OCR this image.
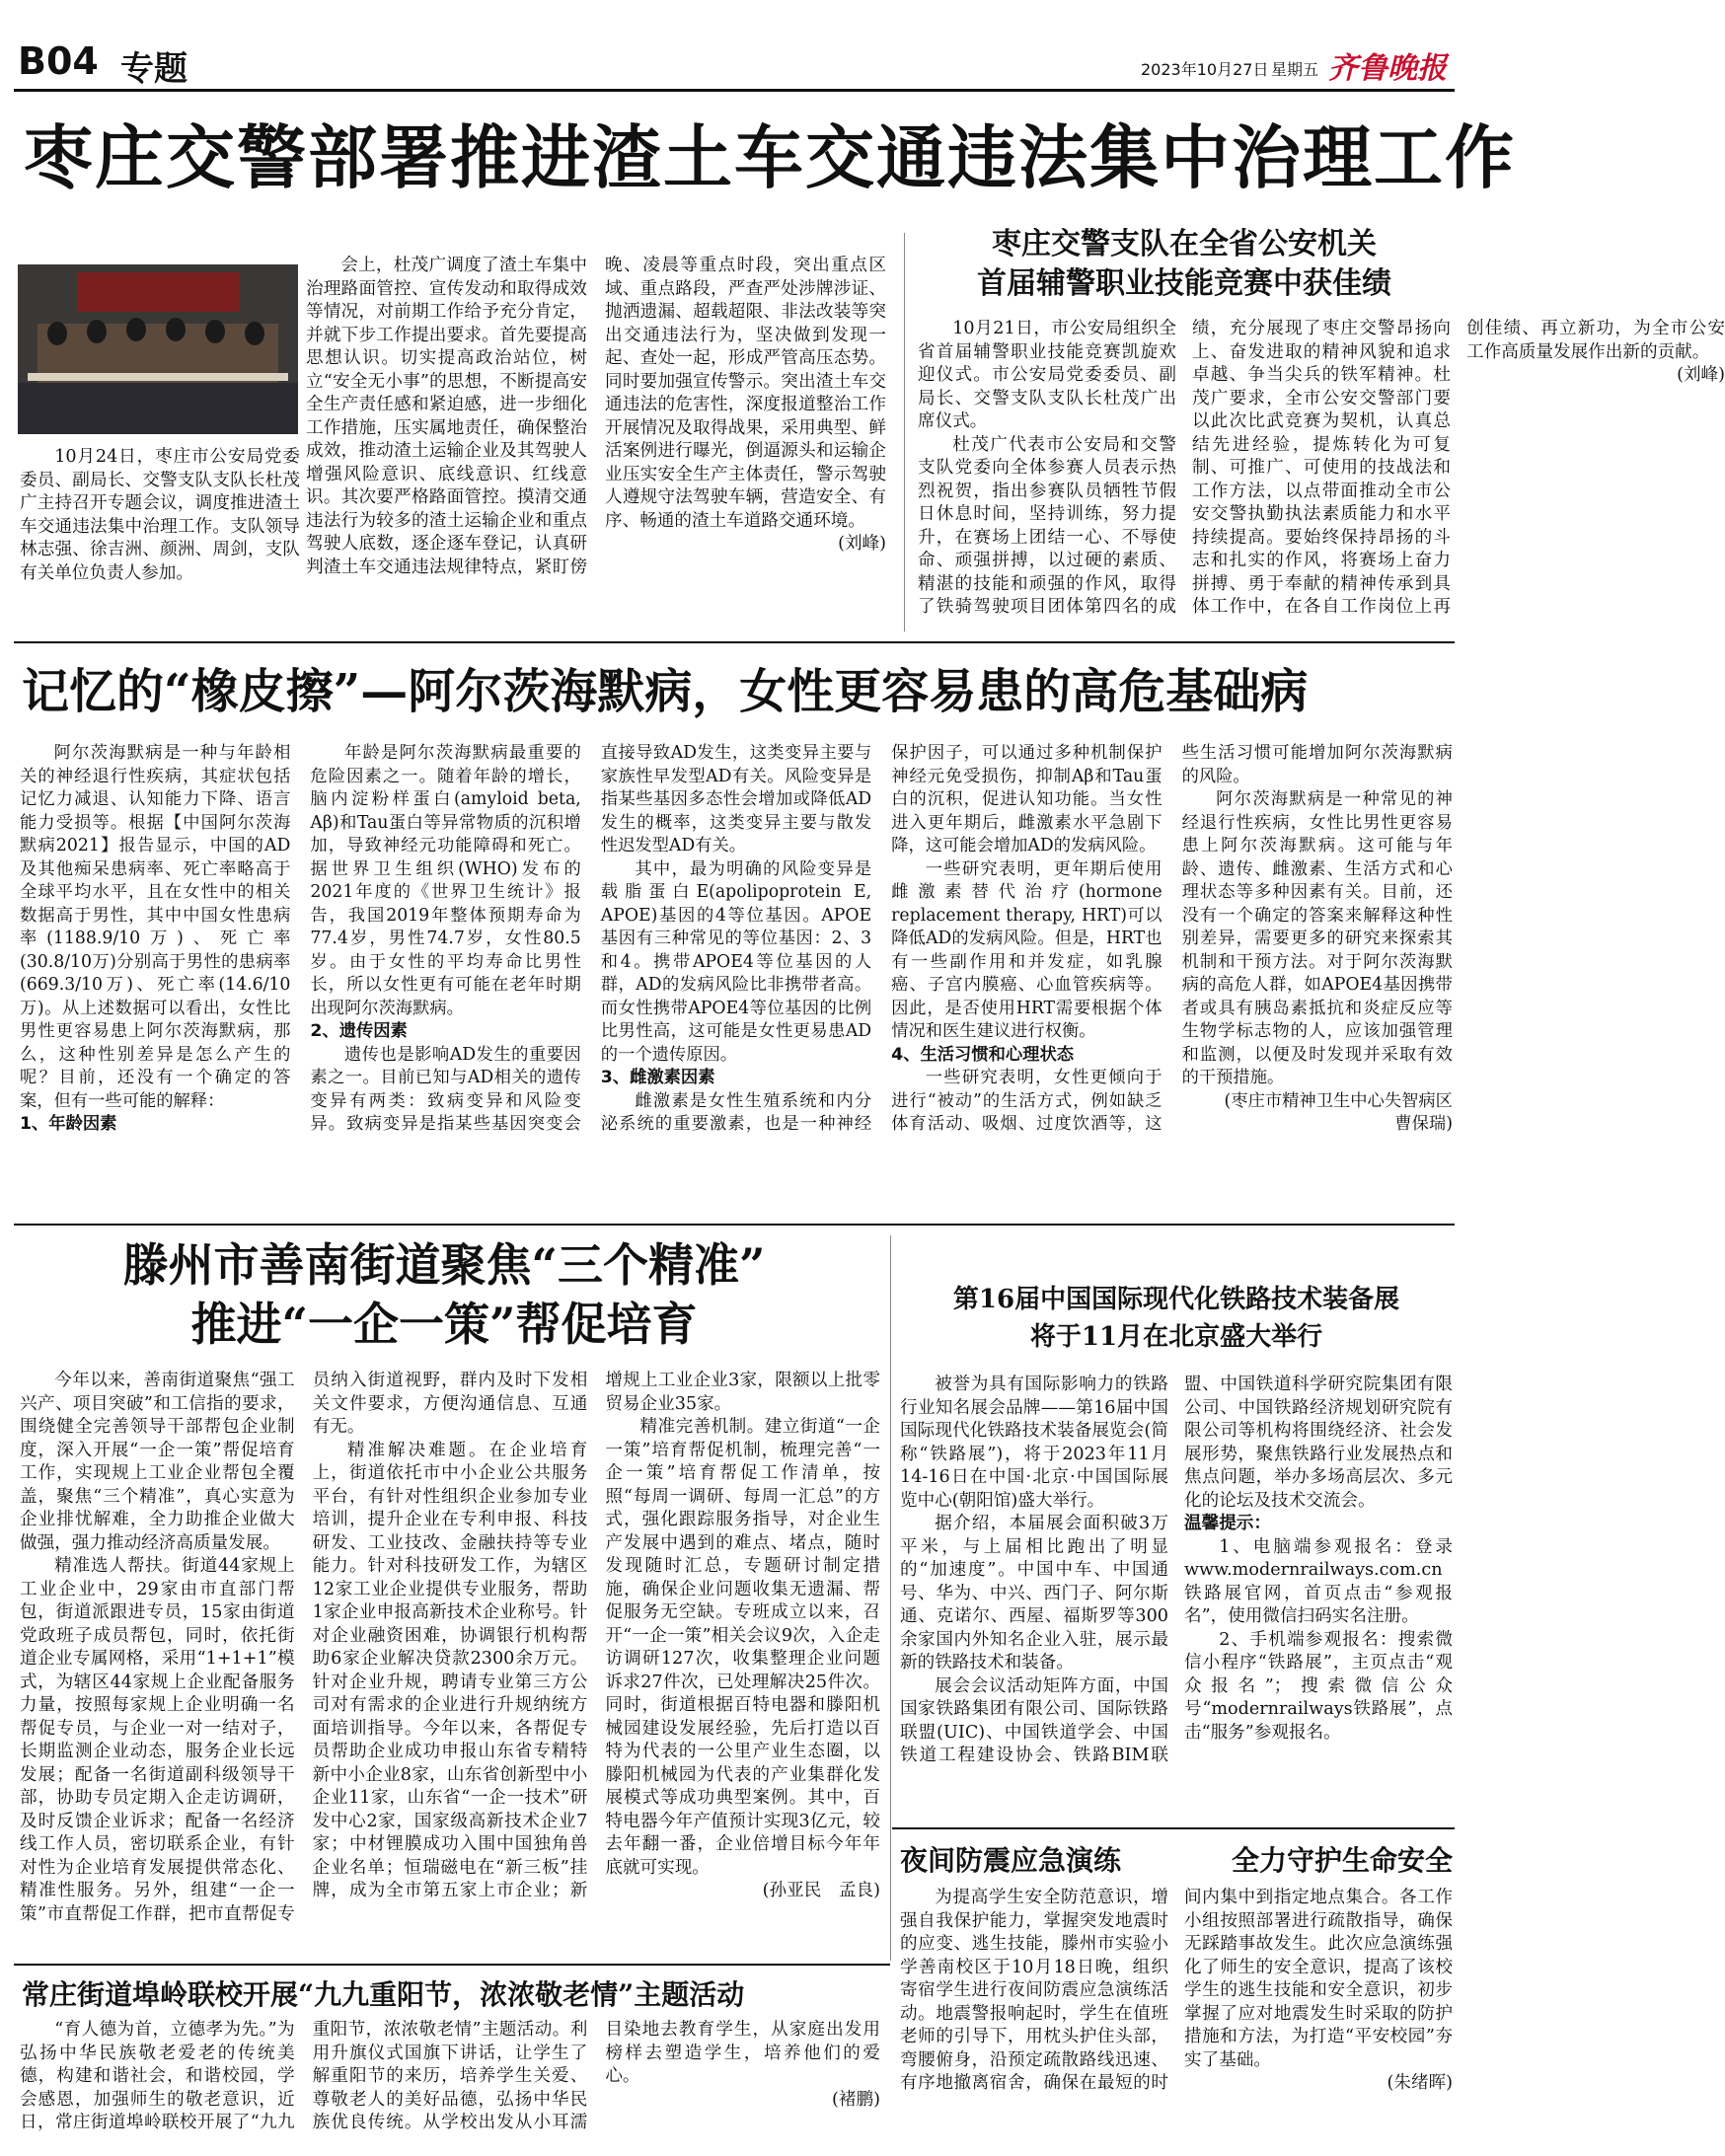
B04 专题	2023年10月27日 星期五 齐鲁晚报
枣庄交警部署推进渣土车交通违法集中治理工作

10月24日，枣庄市公安局党委委员、副局长、交警支队支队长杜茂广主持召开专题会议，调度推进渣土车交通违法集中治理工作。支队领导林志强、徐吉洲、颜洲、周剑，支队有关单位负责人参加。

会上，杜茂广调度了渣土车集中治理路面管控、宣传发动和取得成效等情况，对前期工作给予充分肯定，并就下步工作提出要求。首先要提高思想认识。切实提高政治站位，树立“安全无小事”的思想，不断提高安全生产责任感和紧迫感，进一步细化工作措施，压实属地责任，确保整治成效，推动渣土运输企业及其驾驶人增强风险意识、底线意识、红线意识。其次要严格路面管控。摸清交通违法行为较多的渣土运输企业和重点驾驶人底数，逐企逐车登记，认真研判渣土车交通违法规律特点，紧盯傍晚、凌晨等重点时段，突出重点区域、重点路段，严查严处涉牌涉证、抛洒遗漏、超载超限、非法改装等突出交通违法行为，坚决做到发现一起、查处一起，形成严管高压态势。同时要加强宣传警示。突出渣土车交通违法的危害性，深度报道整治工作开展情况及取得战果，采用典型、鲜活案例进行曝光，倒逼源头和运输企业压实安全生产主体责任，警示驾驶人遵规守法驾驶车辆，营造安全、有序、畅通的渣土车道路交通环境。

(刘峰)

枣庄交警支队在全省公安机关
首届辅警职业技能竞赛中获佳绩

10月21日，市公安局组织全省首届辅警职业技能竞赛凯旋欢迎仪式。市公安局党委委员、副局长、交警支队支队长杜茂广出席仪式。

杜茂广代表市公安局和交警支队党委向全体参赛人员表示热烈祝贺，指出参赛队员牺牲节假日休息时间，坚持训练，努力提升，在赛场上团结一心、不辱使命、顽强拼搏，以过硬的素质、精湛的技能和顽强的作风，取得了铁骑驾驶项目团体第四名的成绩，充分展现了枣庄交警昂扬向上、奋发进取的精神风貌和追求卓越、争当尖兵的铁军精神。杜茂广要求，全市公安交警部门要以此次比武竞赛为契机，认真总结先进经验，提炼转化为可复制、可推广、可使用的技战法和工作方法，以点带面推动全市公安交警执勤执法素质能力和水平持续提高。要始终保持昂扬的斗志和扎实的作风，将赛场上奋力拼搏、勇于奉献的精神传承到具体工作中，在各自工作岗位上再创佳绩、再立新功，为全市公安工作高质量发展作出新的贡献。

(刘峰)

记忆的“橡皮擦”—阿尔茨海默病，女性更容易患的高危基础病

阿尔茨海默病是一种与年龄相关的神经退行性疾病，其症状包括记忆力减退、认知能力下降、语言能力受损等。根据【中国阿尔茨海默病2021】报告显示，中国的AD及其他痴呆患病率、死亡率略高于全球平均水平，且在女性中的相关数据高于男性，其中中国女性患病率(1188.9/10万)、死亡率(30.8/10万)分别高于男性的患病率(669.3/10万)、死亡率(14.6/10万)。从上述数据可以看出，女性比男性更容易患上阿尔茨海默病，那么，这种性别差异是怎么产生的呢？目前，还没有一个确定的答案，但有一些可能的解释：

1、年龄因素

年龄是阿尔茨海默病最重要的危险因素之一。随着年龄的增长，脑内淀粉样蛋白(amyloid beta, Aβ)和Tau蛋白等异常物质的沉积增加，导致神经元功能障碍和死亡。据世界卫生组织(WHO)发布的2021年度的《世界卫生统计》报告，我国2019年整体预期寿命为77.4岁，男性74.7岁，女性80.5岁。由于女性的平均寿命比男性长，所以女性更有可能在老年时期出现阿尔茨海默病。

2、遗传因素

遗传也是影响AD发生的重要因素之一。目前已知与AD相关的遗传变异有两类：致病变异和风险变异。致病变异是指某些基因突变会直接导致AD发生，这类变异主要与家族性早发型AD有关。风险变异是指某些基因多态性会增加或降低AD发生的概率，这类变异主要与散发性迟发型AD有关。

其中，最为明确的风险变异是载脂蛋白E(apolipoprotein E, APOE)基因的4等位基因。APOE基因有三种常见的等位基因：2、3和4。携带APOE4等位基因的人群，AD的发病风险比非携带者高。而女性携带APOE4等位基因的比例比男性高，这可能是女性更易患AD的一个遗传原因。

3、雌激素因素

雌激素是女性生殖系统和内分泌系统的重要激素，也是一种神经保护因子，可以通过多种机制保护神经元免受损伤，抑制Aβ和Tau蛋白的沉积，促进认知功能。当女性进入更年期后，雌激素水平急剧下降，这可能会增加AD的发病风险。

一些研究表明，更年期后使用雌激素替代治疗(hormone replacement therapy, HRT)可以降低AD的发病风险。但是，HRT也有一些副作用和并发症，如乳腺癌、子宫内膜癌、心血管疾病等。因此，是否使用HRT需要根据个体情况和医生建议进行权衡。

4、生活习惯和心理状态

一些研究表明，女性更倾向于进行“被动”的生活方式，例如缺乏体育活动、吸烟、过度饮酒等，这些生活习惯可能增加阿尔茨海默病的风险。

阿尔茨海默病是一种常见的神经退行性疾病，女性比男性更容易患上阿尔茨海默病。这可能与年龄、遗传、雌激素、生活方式和心理状态等多种因素有关。目前，还没有一个确定的答案来解释这种性别差异，需要更多的研究来探索其机制和干预方法。对于阿尔茨海默病的高危人群，如APOE4基因携带者或具有胰岛素抵抗和炎症反应等生物学标志物的人，应该加强管理和监测，以便及时发现并采取有效的干预措施。

(枣庄市精神卫生中心失智病区　曹保瑞)

滕州市善南街道聚焦“三个精准”
推进“一企一策”帮促培育

今年以来，善南街道聚焦“强工兴产、项目突破”和工信指的要求，围绕健全完善领导干部帮包企业制度，深入开展“一企一策”帮促培育工作，实现规上工业企业帮包全覆盖，聚焦“三个精准”，真心实意为企业排忧解难，全力助推企业做大做强，强力推动经济高质量发展。

精准选人帮扶。街道44家规上工业企业中，29家由市直部门帮包，街道派跟进专员，15家由街道党政班子成员帮包，同时，依托街道企业专属网格，采用“1+1+1”模式，为辖区44家规上企业配备服务力量，按照每家规上企业明确一名帮促专员，与企业一对一结对子，长期监测企业动态，服务企业长远发展；配备一名街道副科级领导干部，协助专员定期入企走访调研，及时反馈企业诉求；配备一名经济线工作人员，密切联系企业，有针对性为企业培育发展提供常态化、精准性服务。另外，组建“一企一策”市直帮促工作群，把市直帮促专员纳入街道视野，群内及时下发相关文件要求，方便沟通信息、互通有无。

精准解决难题。在企业培育上，街道依托市中小企业公共服务平台，有针对性组织企业参加专业培训，提升企业在专利申报、科技研发、工业技改、金融扶持等专业能力。针对科技研发工作，为辖区12家工业企业提供专业服务，帮助1家企业申报高新技术企业称号。针对企业融资困难，协调银行机构帮助6家企业解决贷款2300余万元。针对企业升规，聘请专业第三方公司对有需求的企业进行升规纳统方面培训指导。今年以来，各帮促专员帮助企业成功申报山东省专精特新中小企业8家，山东省创新型中小企业11家，山东省“一企一技术”研发中心2家，国家级高新技术企业7家；中材锂膜成功入围中国独角兽企业名单；恒瑞磁电在“新三板”挂牌，成为全市第五家上市企业；新增规上工业企业3家，限额以上批零贸易企业35家。

精准完善机制。建立街道“一企一策”培育帮促机制，梳理完善“一企一策”培育帮促工作清单，按照“每周一调研、每周一汇总”的方式，强化跟踪服务指导，对企业生产发展中遇到的难点、堵点，随时发现随时汇总，专题研讨制定措施，确保企业问题收集无遗漏、帮促服务无空缺。专班成立以来，召开“一企一策”相关会议9次，入企走访调研127次，收集整理企业问题诉求27件次，已处理解决25件次。同时，街道根据百特电器和滕阳机械园建设发展经验，先后打造以百特为代表的一公里产业生态圈，以滕阳机械园为代表的产业集群化发展模式等成功典型案例。其中，百特电器今年产值预计实现3亿元，较去年翻一番，企业倍增目标今年年底就可实现。

(孙亚民　孟良)

第16届中国国际现代化铁路技术装备展
将于11月在北京盛大举行

被誉为具有国际影响力的铁路行业知名展会品牌——第16届中国国际现代化铁路技术装备展览会(简称“铁路展”)，将于2023年11月14-16日在中国·北京·中国国际展览中心(朝阳馆)盛大举行。

据介绍，本届展会面积破3万平米，与上届相比跑出了明显的“加速度”。中国中车、中国通号、华为、中兴、西门子、阿尔斯通、克诺尔、西屋、福斯罗等300余家国内外知名企业入驻，展示最新的铁路技术和装备。

展会会议活动矩阵方面，中国国家铁路集团有限公司、国际铁路联盟(UIC)、中国铁道学会、中国铁道工程建设协会、铁路BIM联盟、中国铁道科学研究院集团有限公司、中国铁路经济规划研究院有限公司等机构将围绕经济、社会发展形势，聚焦铁路行业发展热点和焦点问题，举办多场高层次、多元化的论坛及技术交流会。

温馨提示：

1、电脑端参观报名：登录www.modernrailways.com.cn铁路展官网，首页点击“参观报名”，使用微信扫码实名注册。

2、手机端参观报名：搜索微信小程序“铁路展”，主页点击“观众报名”；搜索微信公众号“modernrailways铁路展”，点击“服务”参观报名。

夜间防震应急演练	全力守护生命安全

为提高学生安全防范意识，增强自我保护能力，掌握突发地震时的应变、逃生技能，滕州市实验小学善南校区于10月18日晚，组织寄宿学生进行夜间防震应急演练活动。地震警报响起时，学生在值班老师的引导下，用枕头护住头部，弯腰俯身，沿预定疏散路线迅速、有序地撤离宿舍，确保在最短的时间内集中到指定地点集合。各工作小组按照部署进行疏散指导，确保无踩踏事故发生。此次应急演练强化了师生的安全意识，提高了该校学生的逃生技能和安全意识，初步掌握了应对地震发生时采取的防护措施和方法，为打造“平安校园”夯实了基础。

(朱绪晖)

常庄街道埠岭联校开展“九九重阳节，浓浓敬老情”主题活动

“育人德为首，立德孝为先。”为弘扬中华民族敬老爱老的传统美德，构建和谐社会，和谐校园，学会感恩，加强师生的敬老意识，近日，常庄街道埠岭联校开展了“九九重阳节，浓浓敬老情”主题活动。利用升旗仪式国旗下讲话，让学生了解重阳节的来历，培养学生关爱、尊敬老人的美好品德，弘扬中华民族优良传统。从学校出发从小耳濡目染地去教育学生，从家庭出发用榜样去塑造学生，培养他们的爱心。

(褚鹏)
